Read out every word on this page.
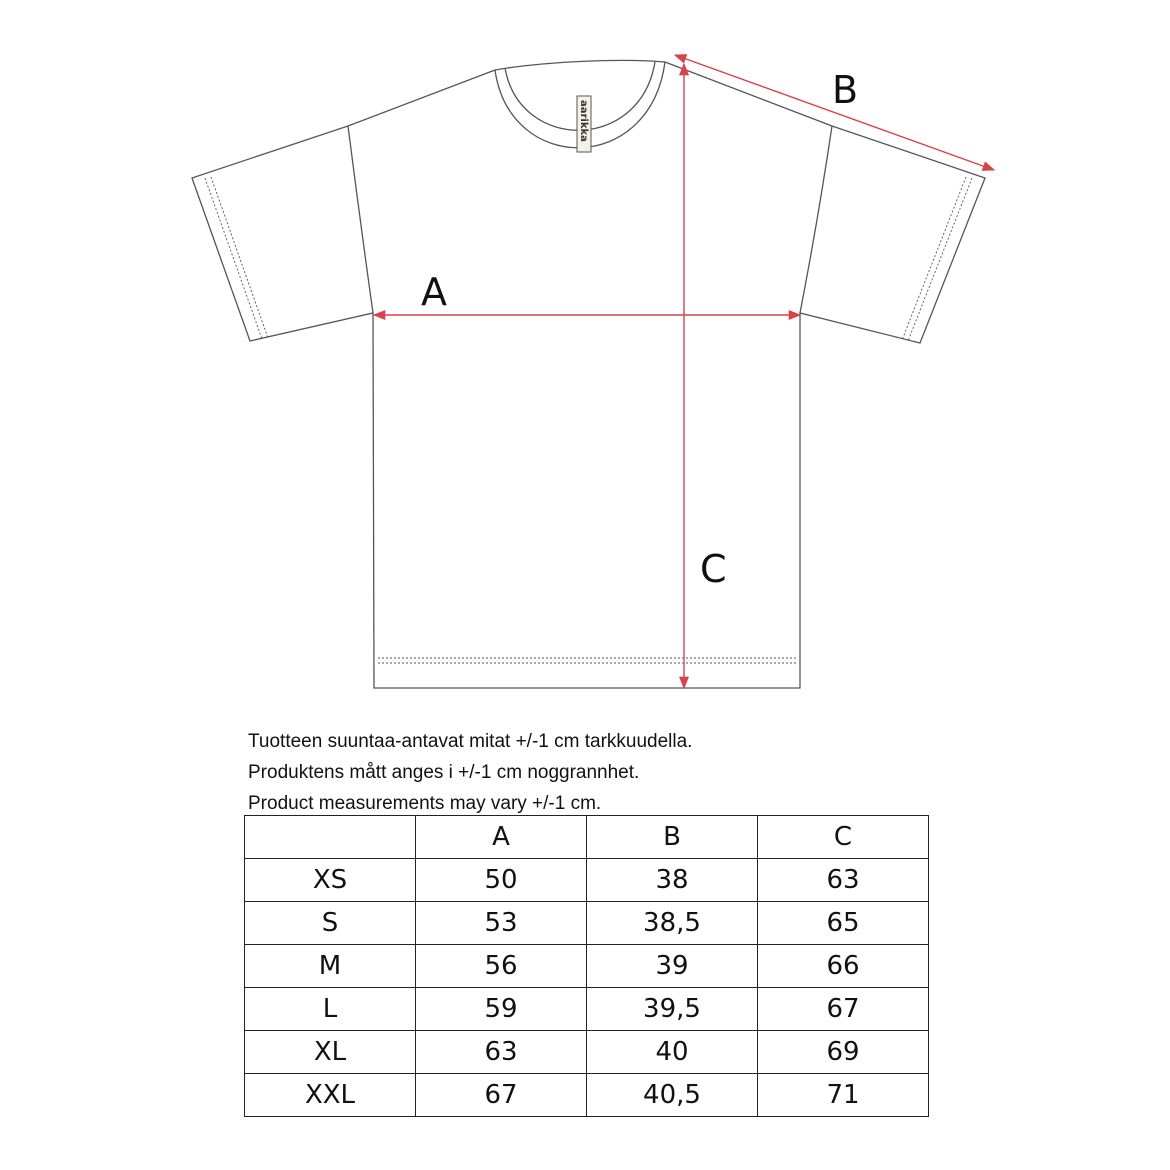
aarikka
A
B
C
Tuotteen suuntaa-antavat mitat +/-1 cm tarkkuudella.
Produktens mått anges i +/-1 cm noggrannhet.
Product measurements may vary +/-1 cm.
	A	B	C
XS	50	38	63
S	53	38,5	65
M	56	39	66
L	59	39,5	67
XL	63	40	69
XXL	67	40,5	71
